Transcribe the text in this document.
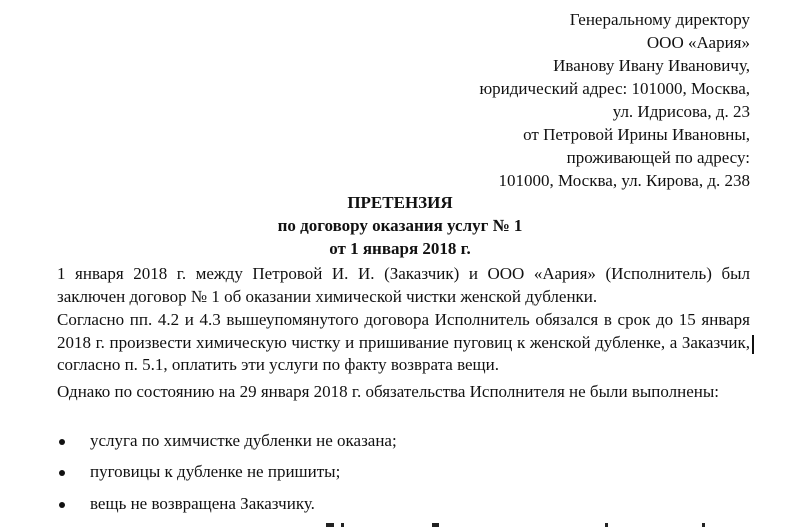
Генеральному директору
ООО «Аария»
Иванову Ивану Ивановичу,
юридический адрес: 101000, Москва,
ул. Идрисова, д. 23
от Петровой Ирины Ивановны,
проживающей по адресу:
101000, Москва, ул. Кирова, д. 238
ПРЕТЕНЗИЯ
по договору оказания услуг № 1
от 1 января 2018 г.

1 января 2018 г. между Петровой И. И. (Заказчик) и ООО «Аария» (Исполнитель) был заключен договор № 1 об оказании химической чистки женской дубленки.

Согласно пп. 4.2 и 4.3 вышеупомянутого договора Исполнитель обязался в срок до 15 января 2018 г. произвести химическую чистку и пришивание пуговиц к женской дубленке, а Заказчик, согласно п. 5.1, оплатить эти услуги по факту возврата вещи.

Однако по состоянию на 29 января 2018 г. обязательства Исполнителя не были выполнены:

услуга по химчистке дубленки не оказана;
пуговицы к дубленке не пришиты;
вещь не возвращена Заказчику.
